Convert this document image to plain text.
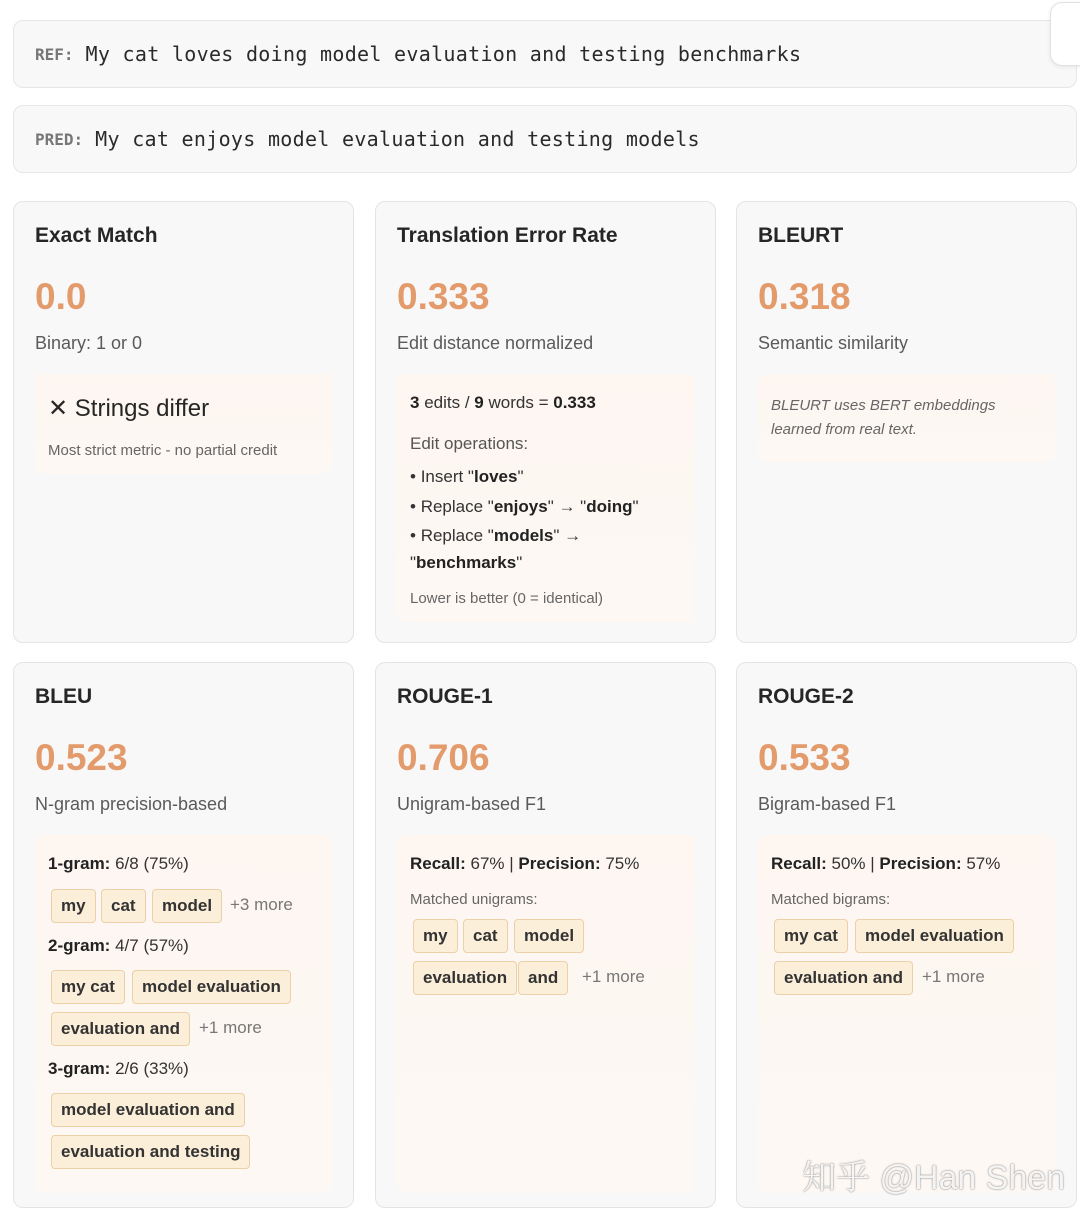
REF: My cat loves doing model evaluation and testing benchmarks
PRED: My cat enjoys model evaluation and testing models
Exact Match
0.0
Binary: 1 or 0
✕ Strings differ
Most strict metric - no partial credit
Translation Error Rate
0.333
Edit distance normalized
3 edits / 9 words = 0.333
Edit operations:
• Insert "loves"
• Replace "enjoys" → "doing"
• Replace "models" →
"benchmarks"
Lower is better (0 = identical)
BLEURT
0.318
Semantic similarity
BLEURT uses BERT embeddings
learned from real text.
BLEU
0.523
N-gram precision-based
1-gram: 6/8 (75%)
my	cat	model	+3 more
2-gram: 4/7 (57%)
my cat	model evaluation
evaluation and	+1 more
3-gram: 2/6 (33%)
model evaluation and
evaluation and testing
ROUGE-1
0.706
Unigram-based F1
Recall: 67% | Precision: 75%
Matched unigrams:
my	cat	model
evaluation	and	+1 more
ROUGE-2
0.533
Bigram-based F1
Recall: 50% | Precision: 57%
Matched bigrams:
my cat	model evaluation
evaluation and	+1 more
知乎 @Han Shen
